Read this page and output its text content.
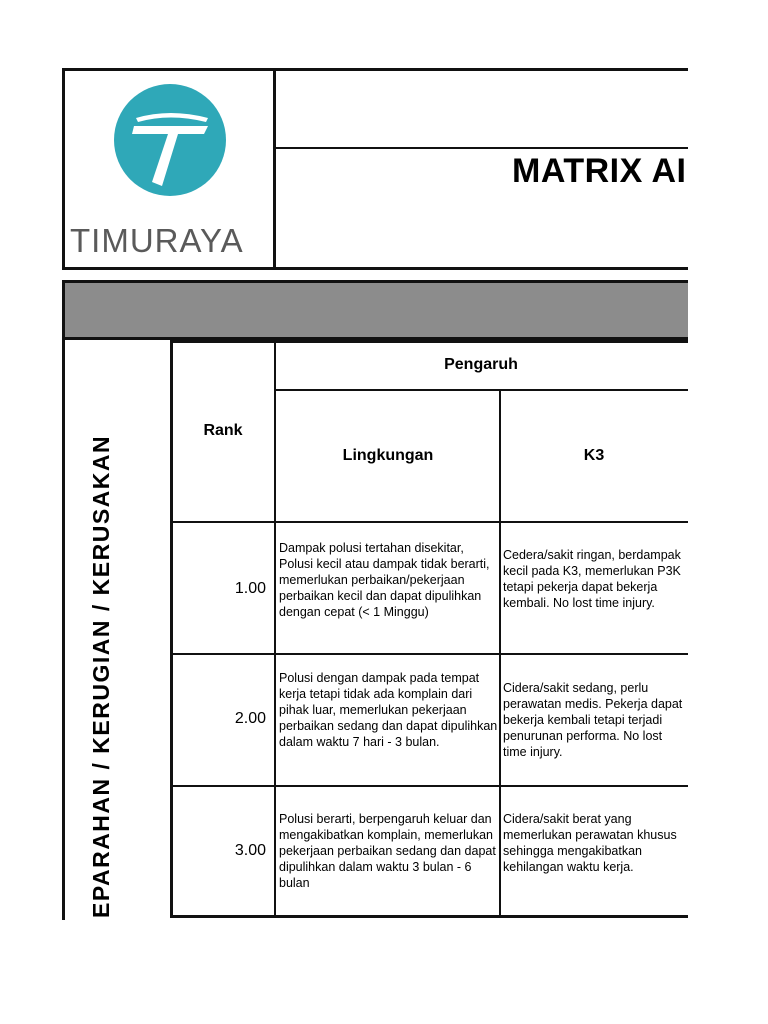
TIMURAYA
MATRIX AI
EPARAHAN / KERUGIAN / KERUSAKAN
Rank
Pengaruh
Lingkungan	K3
1.00
Dampak polusi tertahan disekitar, Polusi kecil atau dampak tidak berarti, memerlukan perbaikan/pekerjaan perbaikan kecil dan dapat dipulihkan dengan cepat (< 1 Minggu)
Cedera/sakit ringan, berdampak kecil pada K3, memerlukan P3K tetapi pekerja dapat bekerja kembali. No lost time injury.
2.00
Polusi dengan dampak pada tempat kerja tetapi tidak ada komplain dari pihak luar, memerlukan pekerjaan perbaikan sedang dan dapat dipulihkan dalam waktu 7 hari - 3 bulan.
Cidera/sakit sedang, perlu perawatan medis. Pekerja dapat bekerja kembali tetapi terjadi penurunan performa. No lost time injury.
3.00
Polusi berarti, berpengaruh keluar dan mengakibatkan komplain, memerlukan pekerjaan perbaikan sedang dan dapat dipulihkan dalam waktu 3 bulan - 6 bulan
Cidera/sakit berat yang memerlukan perawatan khusus sehingga mengakibatkan kehilangan waktu kerja.
